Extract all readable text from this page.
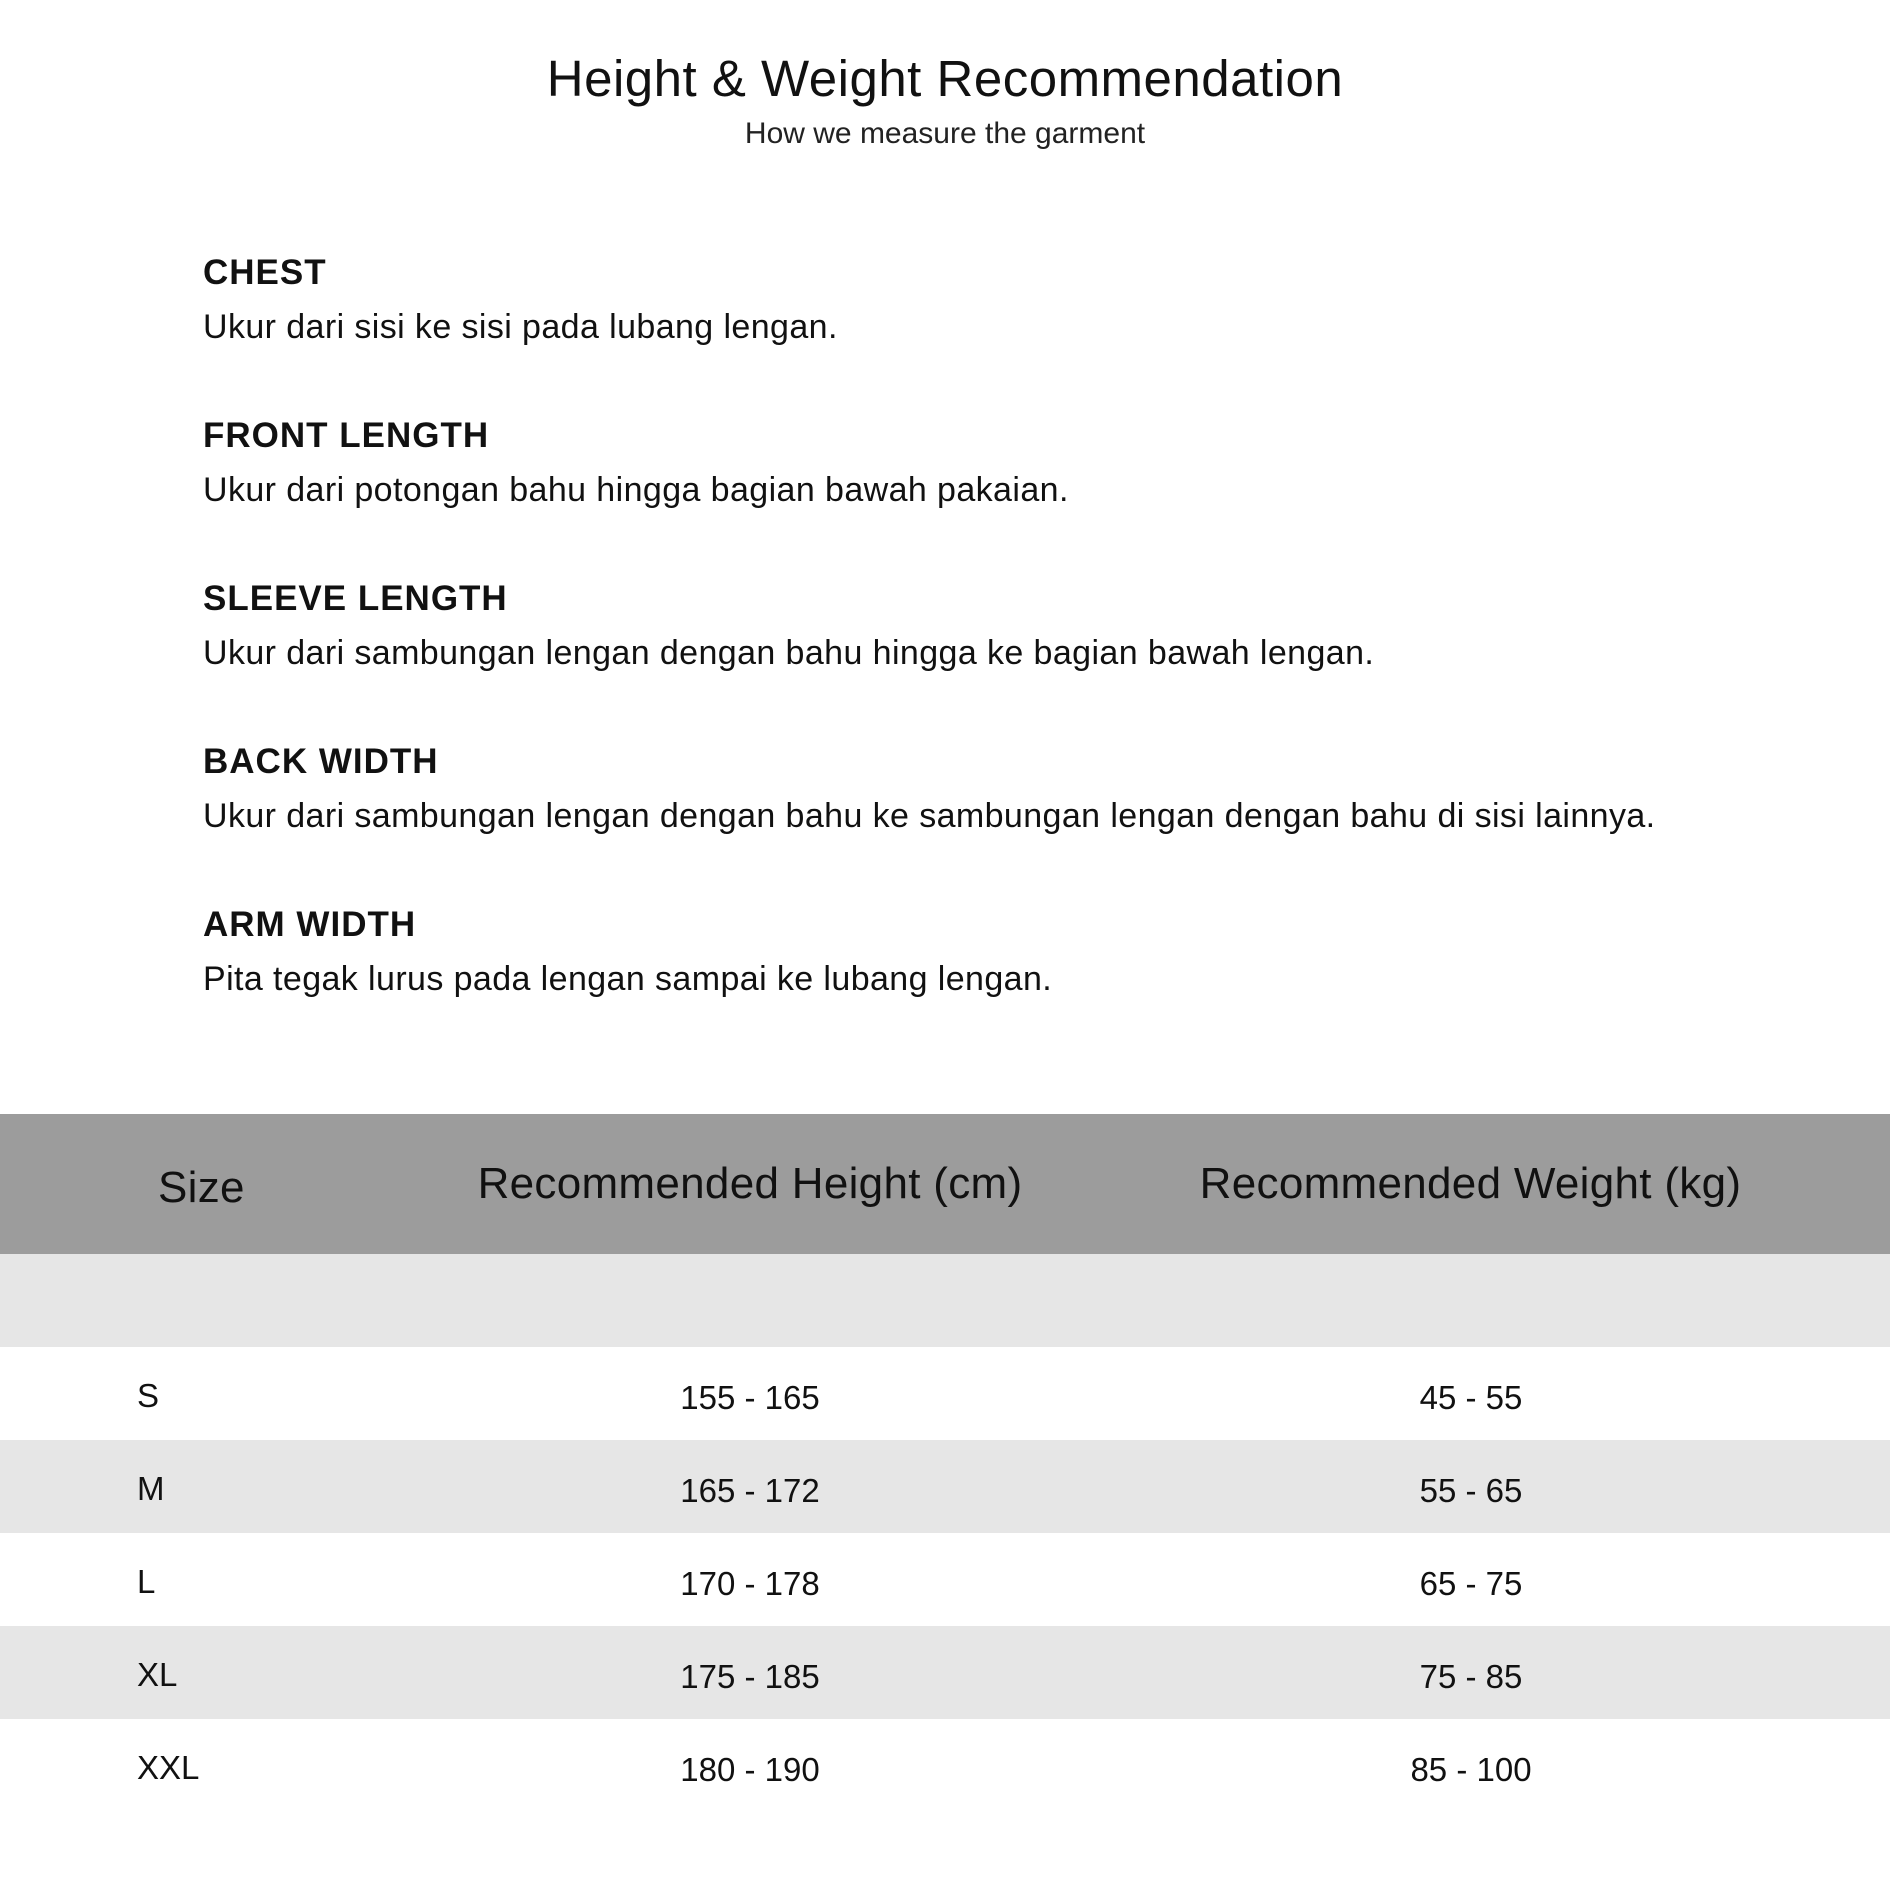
Height & Weight Recommendation

How we measure the garment

CHEST

Ukur dari sisi ke sisi pada lubang lengan.

FRONT LENGTH

Ukur dari potongan bahu hingga bagian bawah pakaian.

SLEEVE LENGTH

Ukur dari sambungan lengan dengan bahu hingga ke bagian bawah lengan.

BACK WIDTH

Ukur dari sambungan lengan dengan bahu ke sambungan lengan dengan bahu di sisi lainnya.

ARM WIDTH

Pita tegak lurus pada lengan sampai ke lubang lengan.

Size	Recommended Height (cm)	Recommended Weight (kg)
S	155 - 165	45 - 55
M	165 - 172	55 - 65
L	170 - 178	65 - 75
XL	175 - 185	75 - 85
XXL	180 - 190	85 - 100
